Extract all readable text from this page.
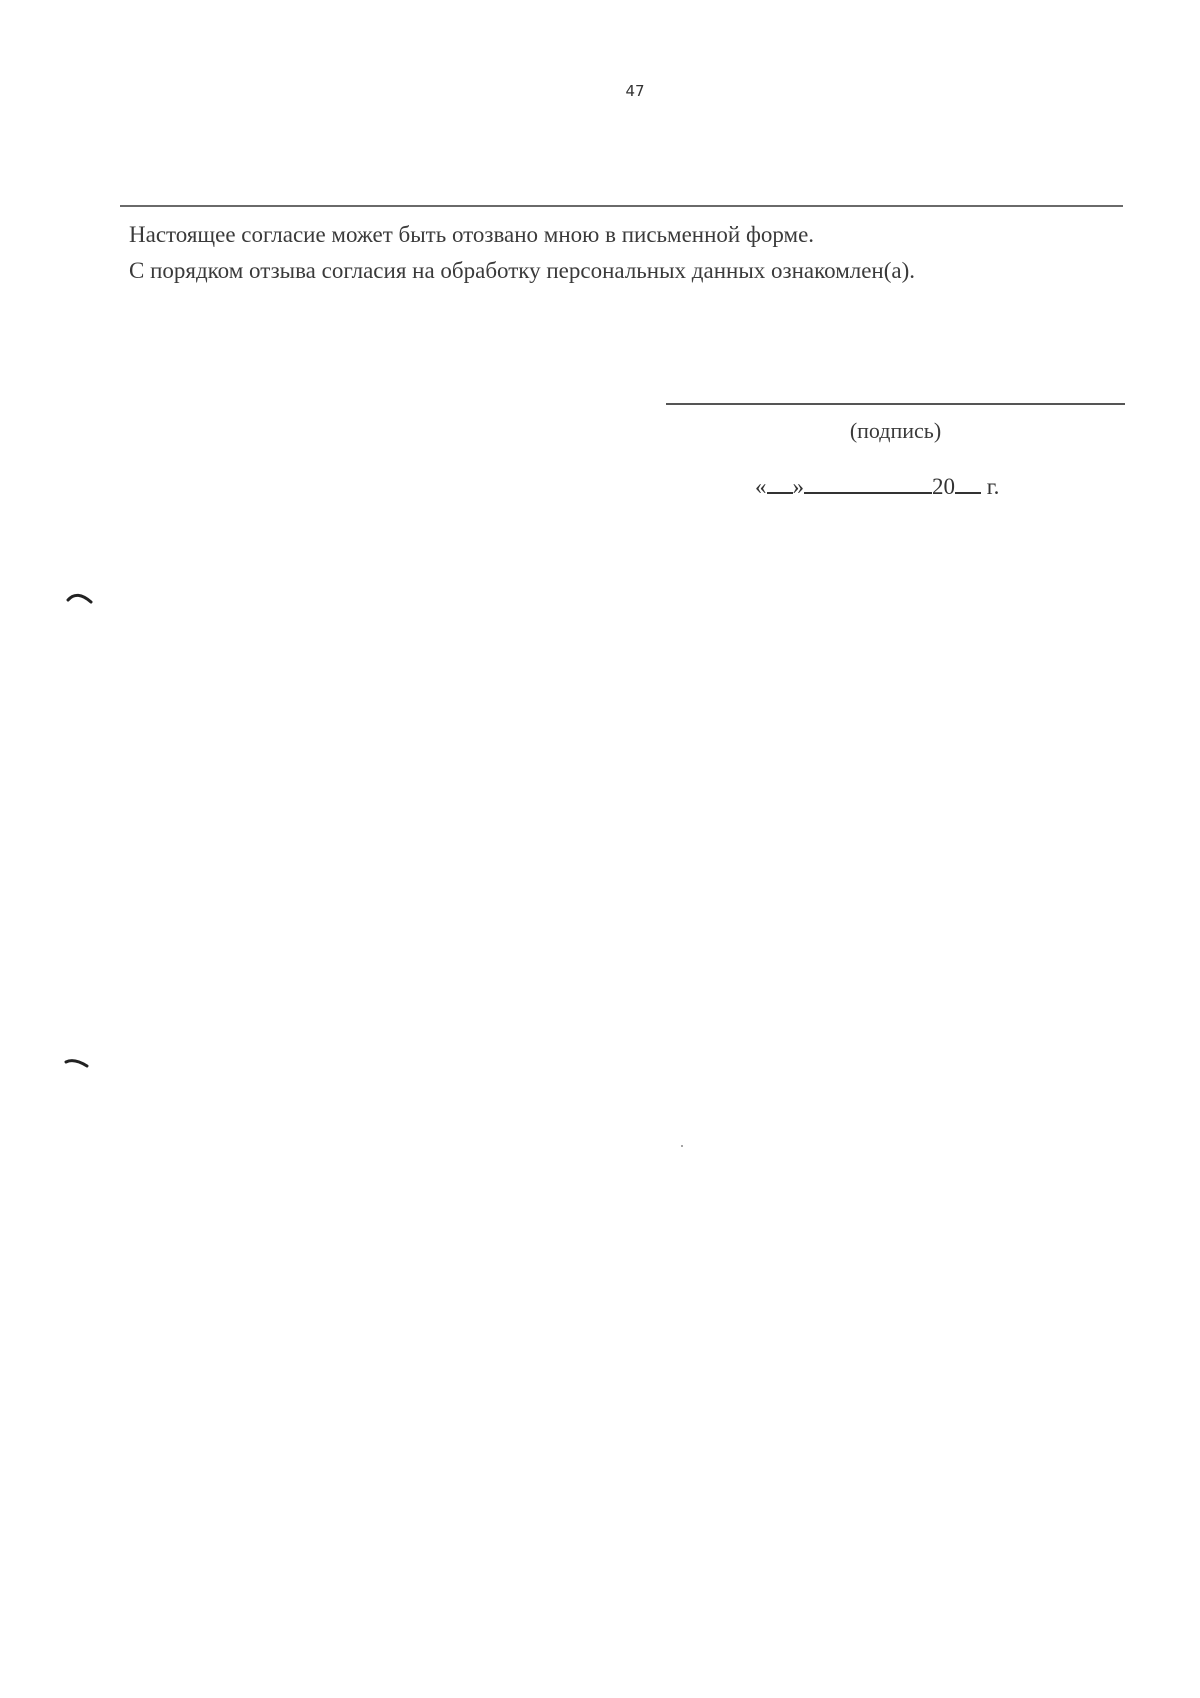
47
Настоящее согласие может быть отозвано мною в письменной форме.
С порядком отзыва согласия на обработку персональных данных ознакомлен(а).
(подпись)
« »	20 г.
